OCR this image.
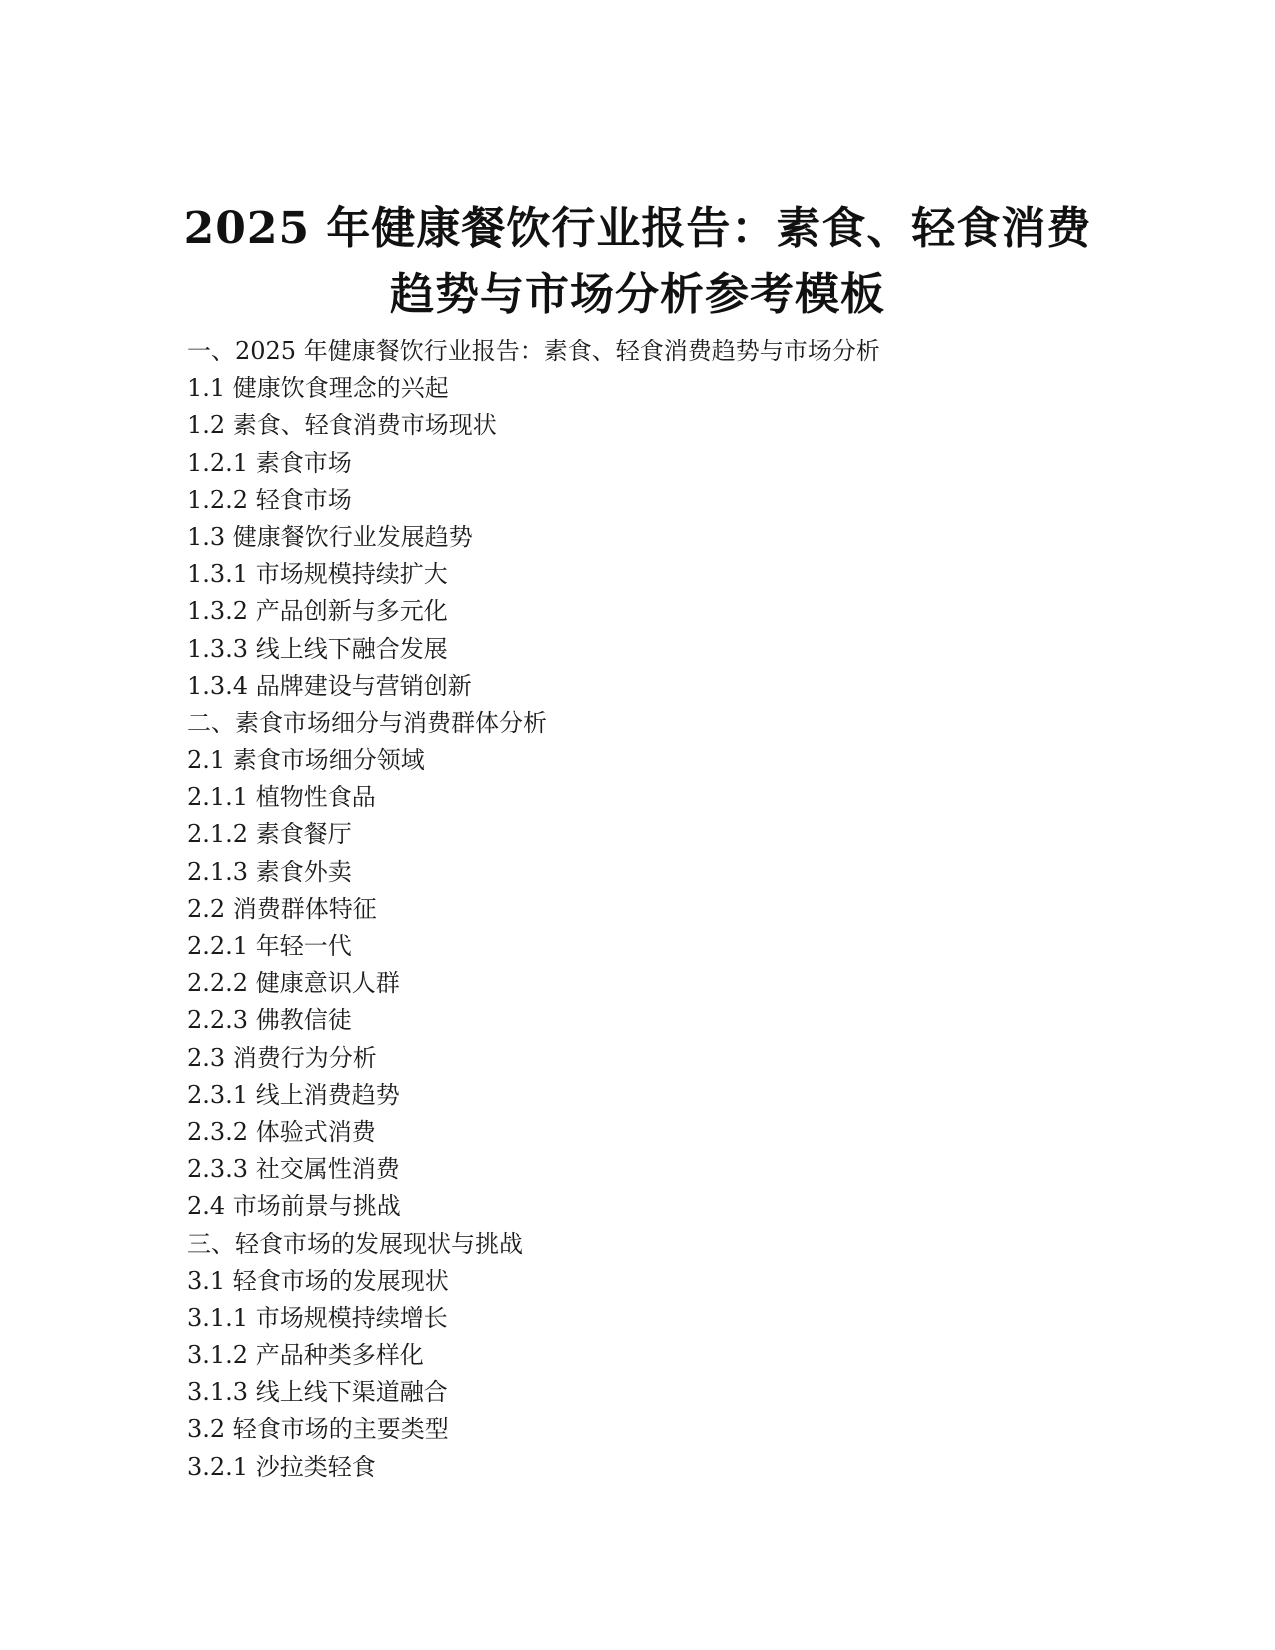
2025 年健康餐饮行业报告：素食、轻食消费
趋势与市场分析参考模板
一、2025 年健康餐饮行业报告：素食、轻食消费趋势与市场分析
1.1 健康饮食理念的兴起
1.2 素食、轻食消费市场现状
1.2.1 素食市场
1.2.2 轻食市场
1.3 健康餐饮行业发展趋势
1.3.1 市场规模持续扩大
1.3.2 产品创新与多元化
1.3.3 线上线下融合发展
1.3.4 品牌建设与营销创新
二、素食市场细分与消费群体分析
2.1 素食市场细分领域
2.1.1 植物性食品
2.1.2 素食餐厅
2.1.3 素食外卖
2.2 消费群体特征
2.2.1 年轻一代
2.2.2 健康意识人群
2.2.3 佛教信徒
2.3 消费行为分析
2.3.1 线上消费趋势
2.3.2 体验式消费
2.3.3 社交属性消费
2.4 市场前景与挑战
三、轻食市场的发展现状与挑战
3.1 轻食市场的发展现状
3.1.1 市场规模持续增长
3.1.2 产品种类多样化
3.1.3 线上线下渠道融合
3.2 轻食市场的主要类型
3.2.1 沙拉类轻食
